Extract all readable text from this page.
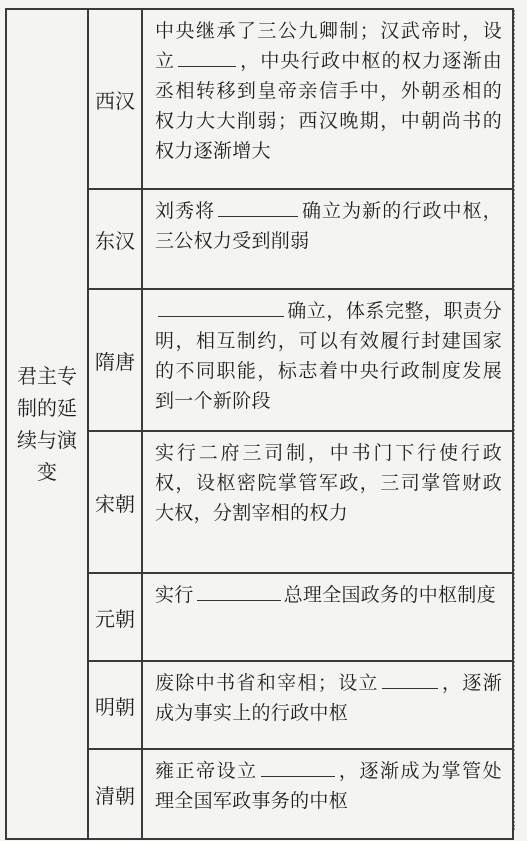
君主专
制的延
续与演
变	西汉	中央继承了三公九卿制；汉武帝时，设立 ，中央行政中枢的权力逐渐由丞相转移到皇帝亲信手中，外朝丞相的权力大大削弱；西汉晚期，中朝尚书的权力逐渐增大
	东汉	刘秀将 确立为新的行政中枢，三公权力受到削弱
	隋唐	确立，体系完整，职责分明，相互制约，可以有效履行封建国家的不同职能，标志着中央行政制度发展到一个新阶段
	宋朝	实行二府三司制，中书门下行使行政权，设枢密院掌管军政，三司掌管财政大权，分割宰相的权力
	元朝	实行 总理全国政务的中枢制度
	明朝	废除中书省和宰相；设立 ，逐渐成为事实上的行政中枢
	清朝	雍正帝设立 ，逐渐成为掌管处理全国军政事务的中枢
